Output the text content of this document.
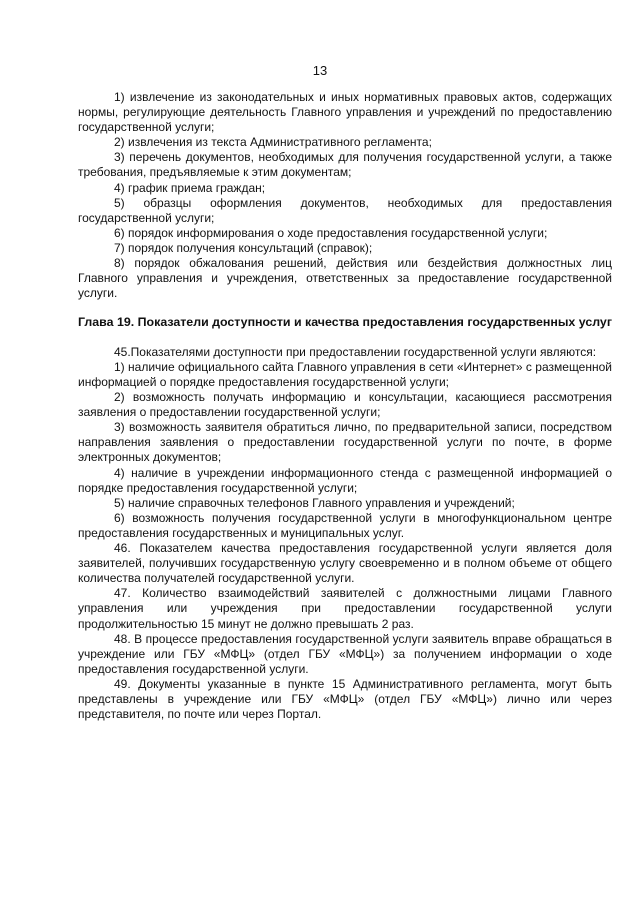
13

1) извлечение из законодательных и иных нормативных правовых актов, содержащих нормы, регулирующие деятельность Главного управления и учреждений по предоставлению государственной услуги;

2) извлечения из текста Административного регламента;

3) перечень документов, необходимых для получения государственной услуги, а также требования, предъявляемые к этим документам;

4) график приема граждан;

5) образцы оформления документов, необходимых для предоставления государственной услуги;

6) порядок информирования о ходе предоставления государственной услуги;

7) порядок получения консультаций (справок);

8) порядок обжалования решений, действия или бездействия должностных лиц Главного управления и учреждения, ответственных за предоставление государственной услуги.

Глава 19. Показатели доступности и качества предоставления государственных услуг

45.Показателями доступности при предоставлении государственной услуги являются:

1) наличие официального сайта Главного управления в сети «Интернет» с размещенной информацией о порядке предоставления государственной услуги;

2) возможность получать информацию и консультации, касающиеся рассмотрения заявления о предоставлении государственной услуги;

3) возможность заявителя обратиться лично, по предварительной записи, посредством направления заявления о предоставлении государственной услуги по почте, в форме электронных документов;

4) наличие в учреждении информационного стенда с размещенной информацией о порядке предоставления государственной услуги;

5) наличие справочных телефонов Главного управления и учреждений;

6) возможность получения государственной услуги в многофункциональном центре предоставления государственных и муниципальных услуг.

46. Показателем качества предоставления государственной услуги является доля заявителей, получивших государственную услугу своевременно и в полном объеме от общего количества получателей государственной услуги.

47. Количество взаимодействий заявителей с должностными лицами Главного управления или учреждения при предоставлении государственной услуги продолжительностью 15 минут не должно превышать 2 раз.

48. В процессе предоставления государственной услуги заявитель вправе обращаться в учреждение или ГБУ «МФЦ» (отдел ГБУ «МФЦ») за получением информации о ходе предоставления государственной услуги.

49. Документы указанные в пункте 15 Административного регламента, могут быть представлены в учреждение или ГБУ «МФЦ» (отдел ГБУ «МФЦ») лично или через представителя, по почте или через Портал.
